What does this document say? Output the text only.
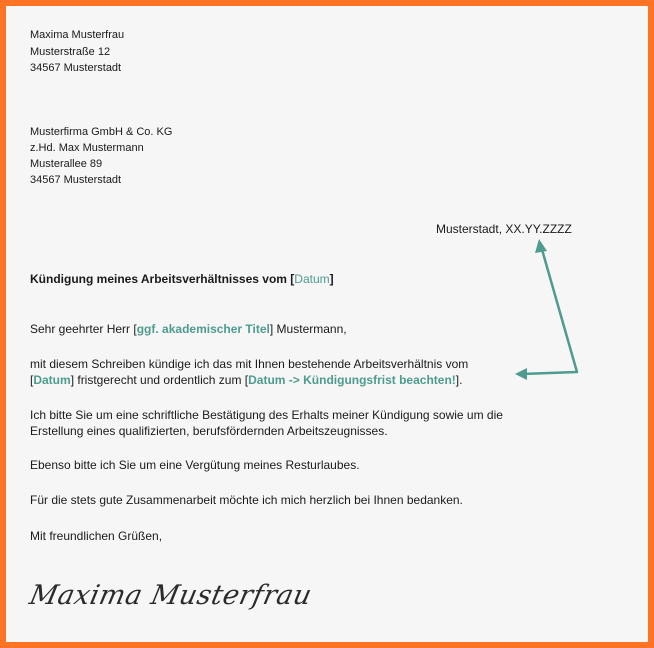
Maxima Musterfrau
Musterstraße 12
34567 Musterstadt
Musterfirma GmbH & Co. KG
z.Hd. Max Mustermann
Musterallee 89
34567 Musterstadt
Musterstadt, XX.YY.ZZZZ
Kündigung meines Arbeitsverhältnisses vom [Datum]
Sehr geehrter Herr [ggf. akademischer Titel] Mustermann,
mit diesem Schreiben kündige ich das mit Ihnen bestehende Arbeitsverhältnis vom
[Datum] fristgerecht und ordentlich zum [Datum -> Kündigungsfrist beachten!].
Ich bitte Sie um eine schriftliche Bestätigung des Erhalts meiner Kündigung sowie um die
Erstellung eines qualifizierten, berufsfördernden Arbeitszeugnisses.
Ebenso bitte ich Sie um eine Vergütung meines Resturlaubes.
Für die stets gute Zusammenarbeit möchte ich mich herzlich bei Ihnen bedanken.
Mit freundlichen Grüßen,
Maxima Musterfrau
